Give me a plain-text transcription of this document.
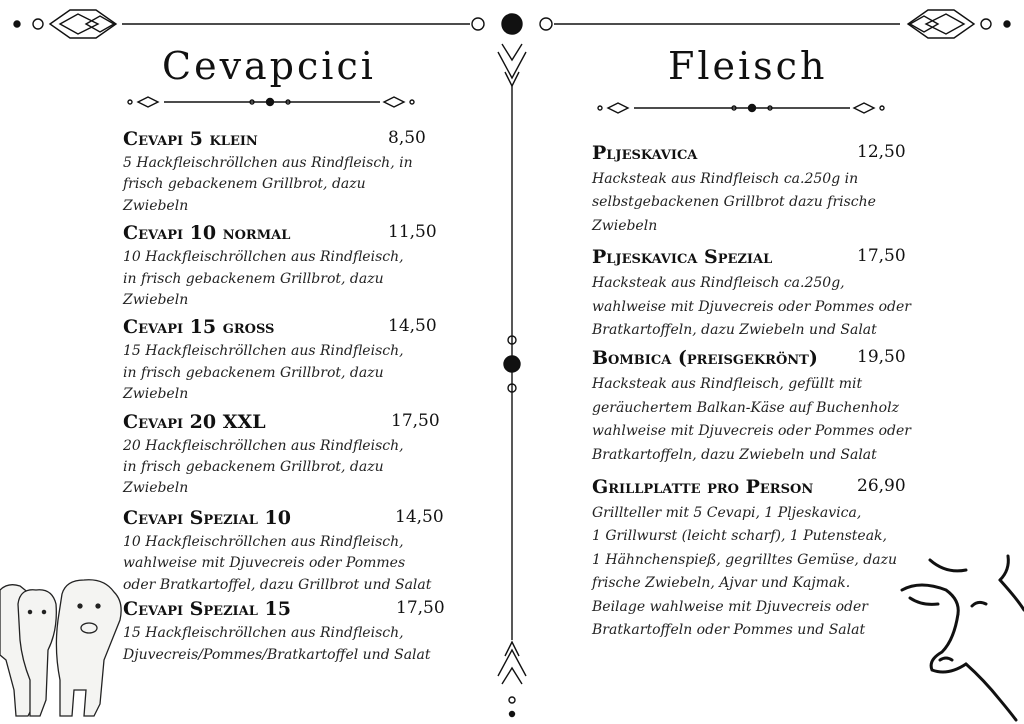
Cevapcici	Fleisch
Cevapi 5 klein	8,50
5 Hackfleischröllchen aus Rindfleisch, in
frisch gebackenem Grillbrot, dazu
Zwiebeln
Cevapi 10 normal	11,50
10 Hackfleischröllchen aus Rindfleisch,
in frisch gebackenem Grillbrot, dazu
Zwiebeln
Cevapi 15 groß	14,50
15 Hackfleischröllchen aus Rindfleisch,
in frisch gebackenem Grillbrot, dazu
Zwiebeln
Cevapi 20 XXL	17,50
20 Hackfleischröllchen aus Rindfleisch,
in frisch gebackenem Grillbrot, dazu
Zwiebeln
Cevapi Spezial 10	14,50
10 Hackfleischröllchen aus Rindfleisch,
wahlweise mit Djuvecreis oder Pommes
oder Bratkartoffel, dazu Grillbrot und Salat
Cevapi Spezial 15	17,50
15 Hackfleischröllchen aus Rindfleisch,
Djuvecreis/Pommes/Bratkartoffel und Salat
Pljeskavica	12,50
Hacksteak aus Rindfleisch ca.250g in
selbstgebackenen Grillbrot dazu frische
Zwiebeln
Pljeskavica Spezial	17,50
Hacksteak aus Rindfleisch ca.250g,
wahlweise mit Djuvecreis oder Pommes oder
Bratkartoffeln, dazu Zwiebeln und Salat
Bombica (preisgekrönt) 19,50
Hacksteak aus Rindfleisch, gefüllt mit
geräuchertem Balkan-Käse auf Buchenholz
wahlweise mit Djuvecreis oder Pommes oder
Bratkartoffeln, dazu Zwiebeln und Salat
Grillplatte pro Person	26,90
Grillteller mit 5 Cevapi, 1 Pljeskavica,
1 Grillwurst (leicht scharf), 1 Putensteak,
1 Hähnchenspieß, gegrilltes Gemüse, dazu
frische Zwiebeln, Ajvar und Kajmak.
Beilage wahlweise mit Djuvecreis oder
Bratkartoffeln oder Pommes und Salat
